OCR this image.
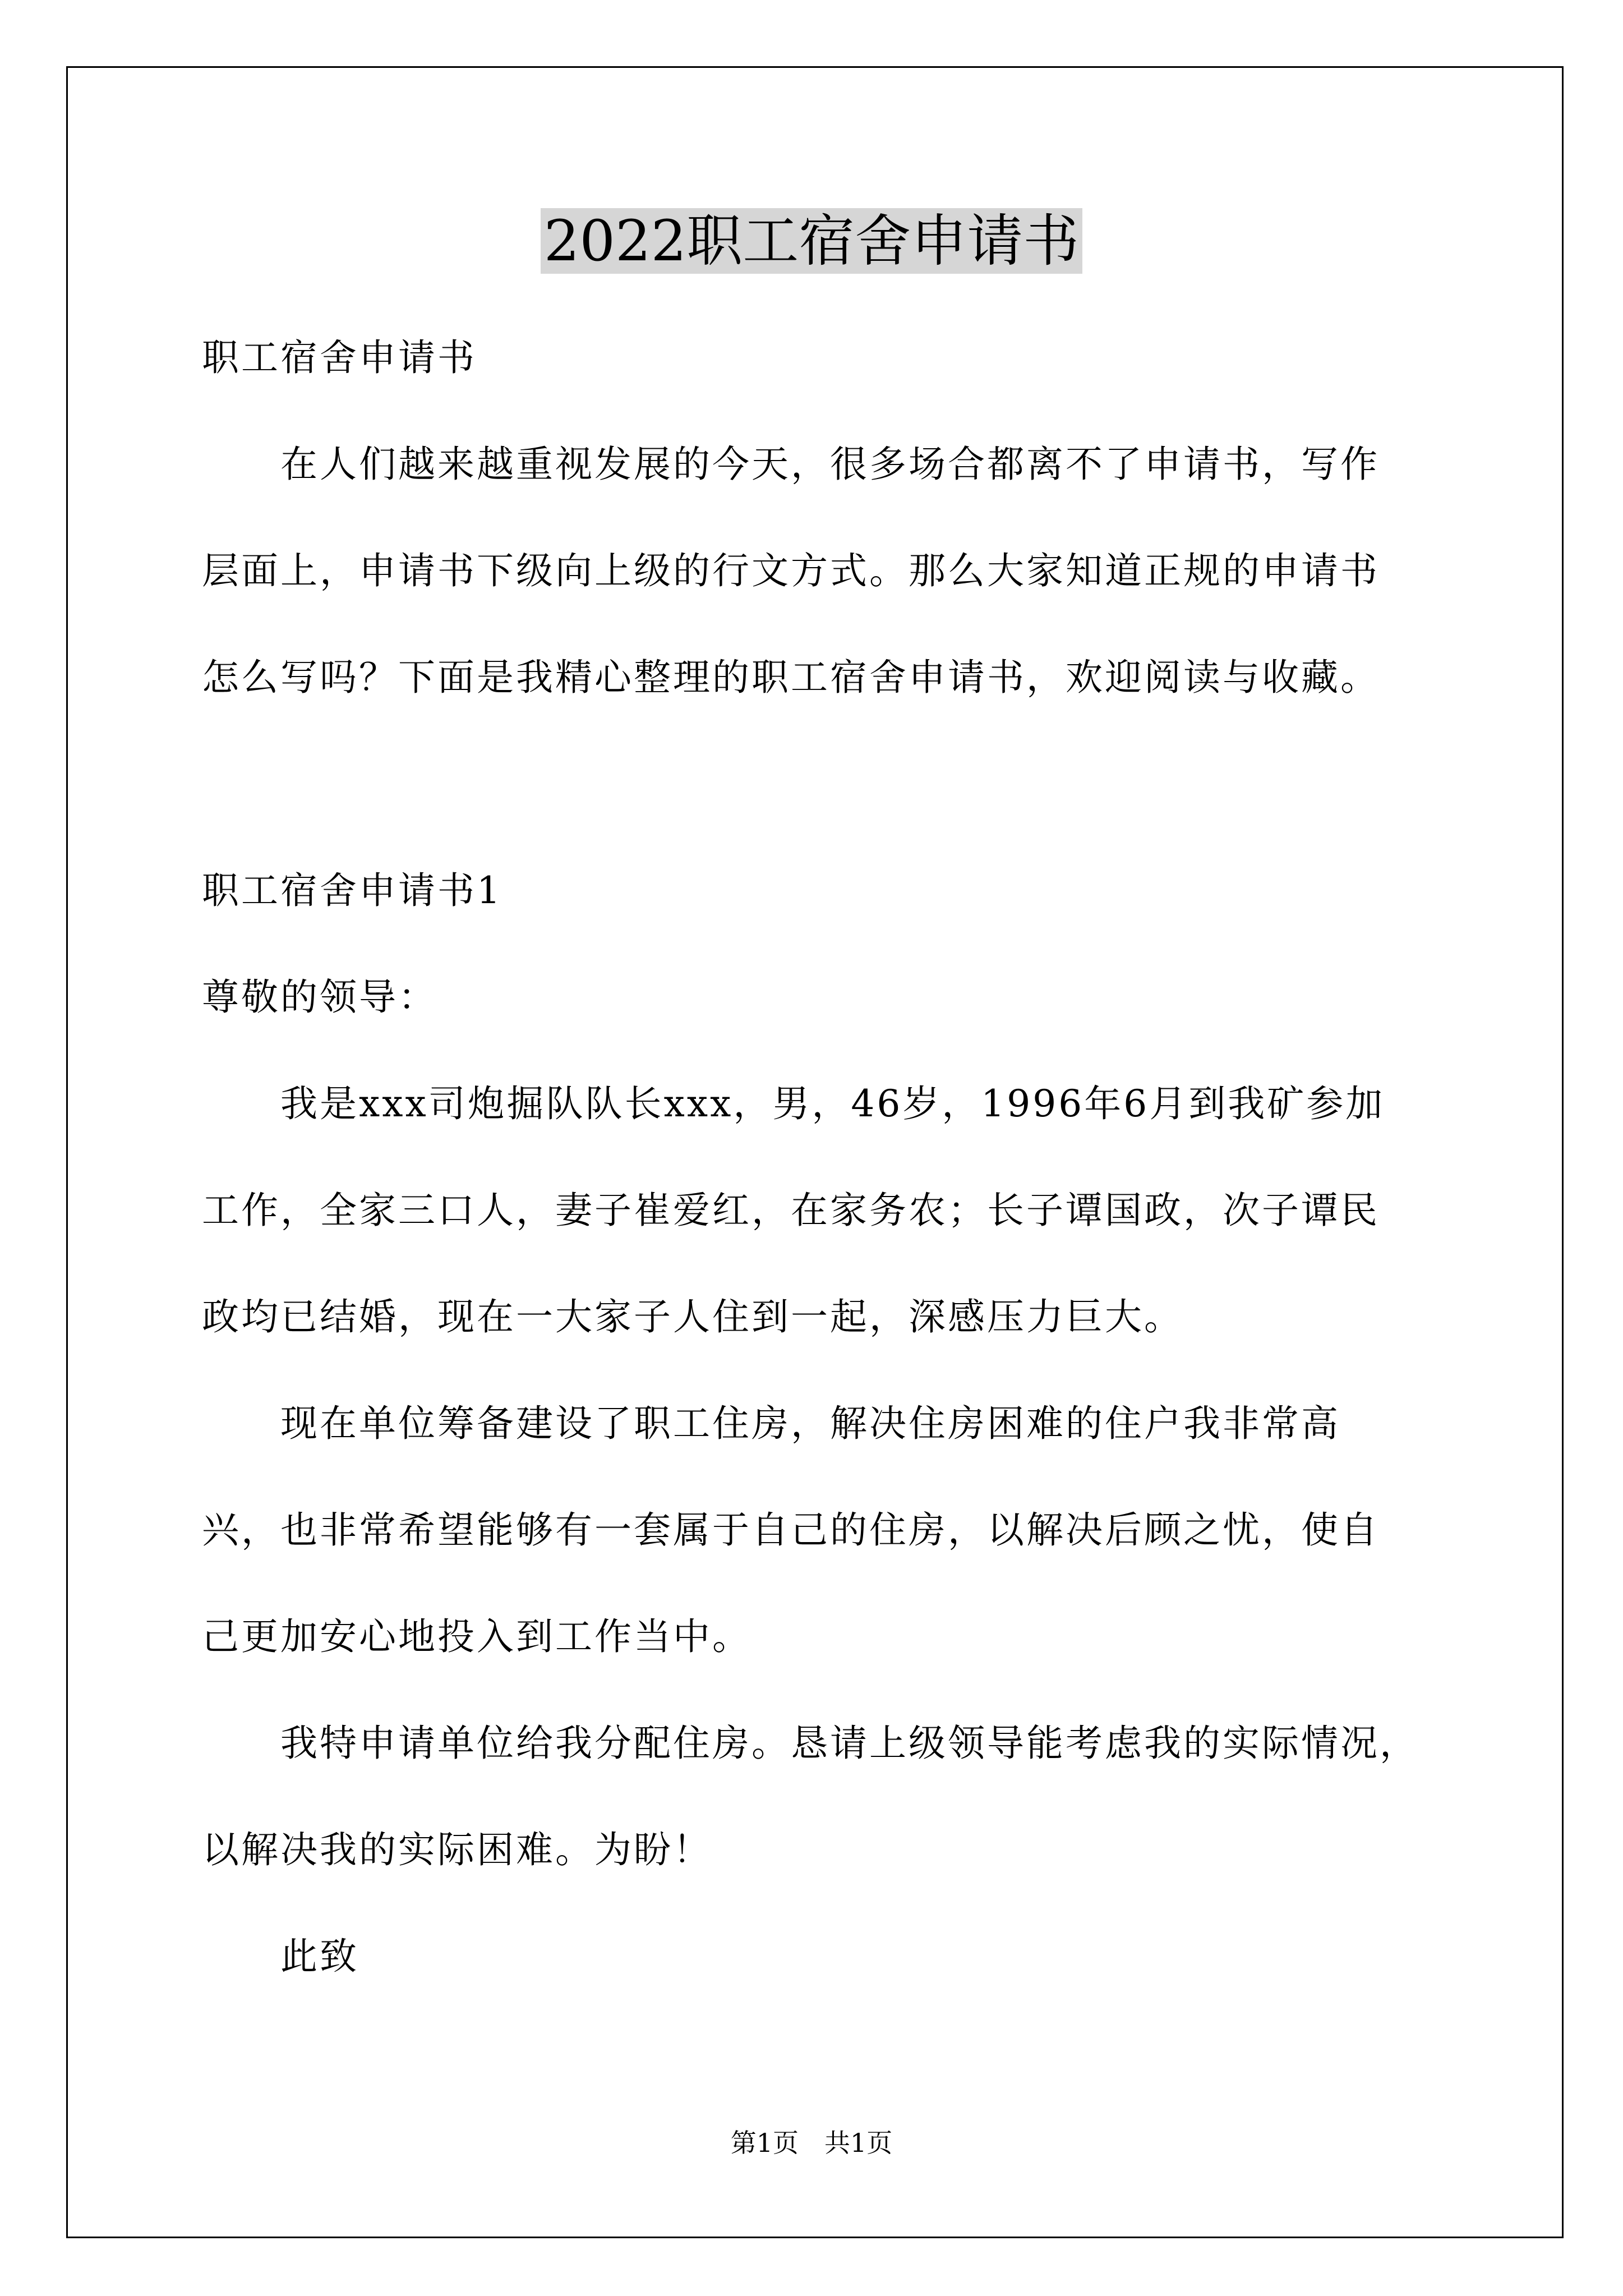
2022职工宿舍申请书
职工宿舍申请书
在人们越来越重视发展的今天，很多场合都离不了申请书，写作
层面上，申请书下级向上级的行文方式。那么大家知道正规的申请书
怎么写吗？下面是我精心整理的职工宿舍申请书，欢迎阅读与收藏。
职工宿舍申请书1
尊敬的领导：
我是xxx司炮掘队队长xxx，男，46岁，1996年6月到我矿参加
工作，全家三口人，妻子崔爱红，在家务农；长子谭国政，次子谭民
政均已结婚，现在一大家子人住到一起，深感压力巨大。
现在单位筹备建设了职工住房，解决住房困难的住户我非常高
兴，也非常希望能够有一套属于自己的住房，以解决后顾之忧，使自
己更加安心地投入到工作当中。
我特申请单位给我分配住房。恳请上级领导能考虑我的实际情况，
以解决我的实际困难。为盼！
此致
第1页　共1页
